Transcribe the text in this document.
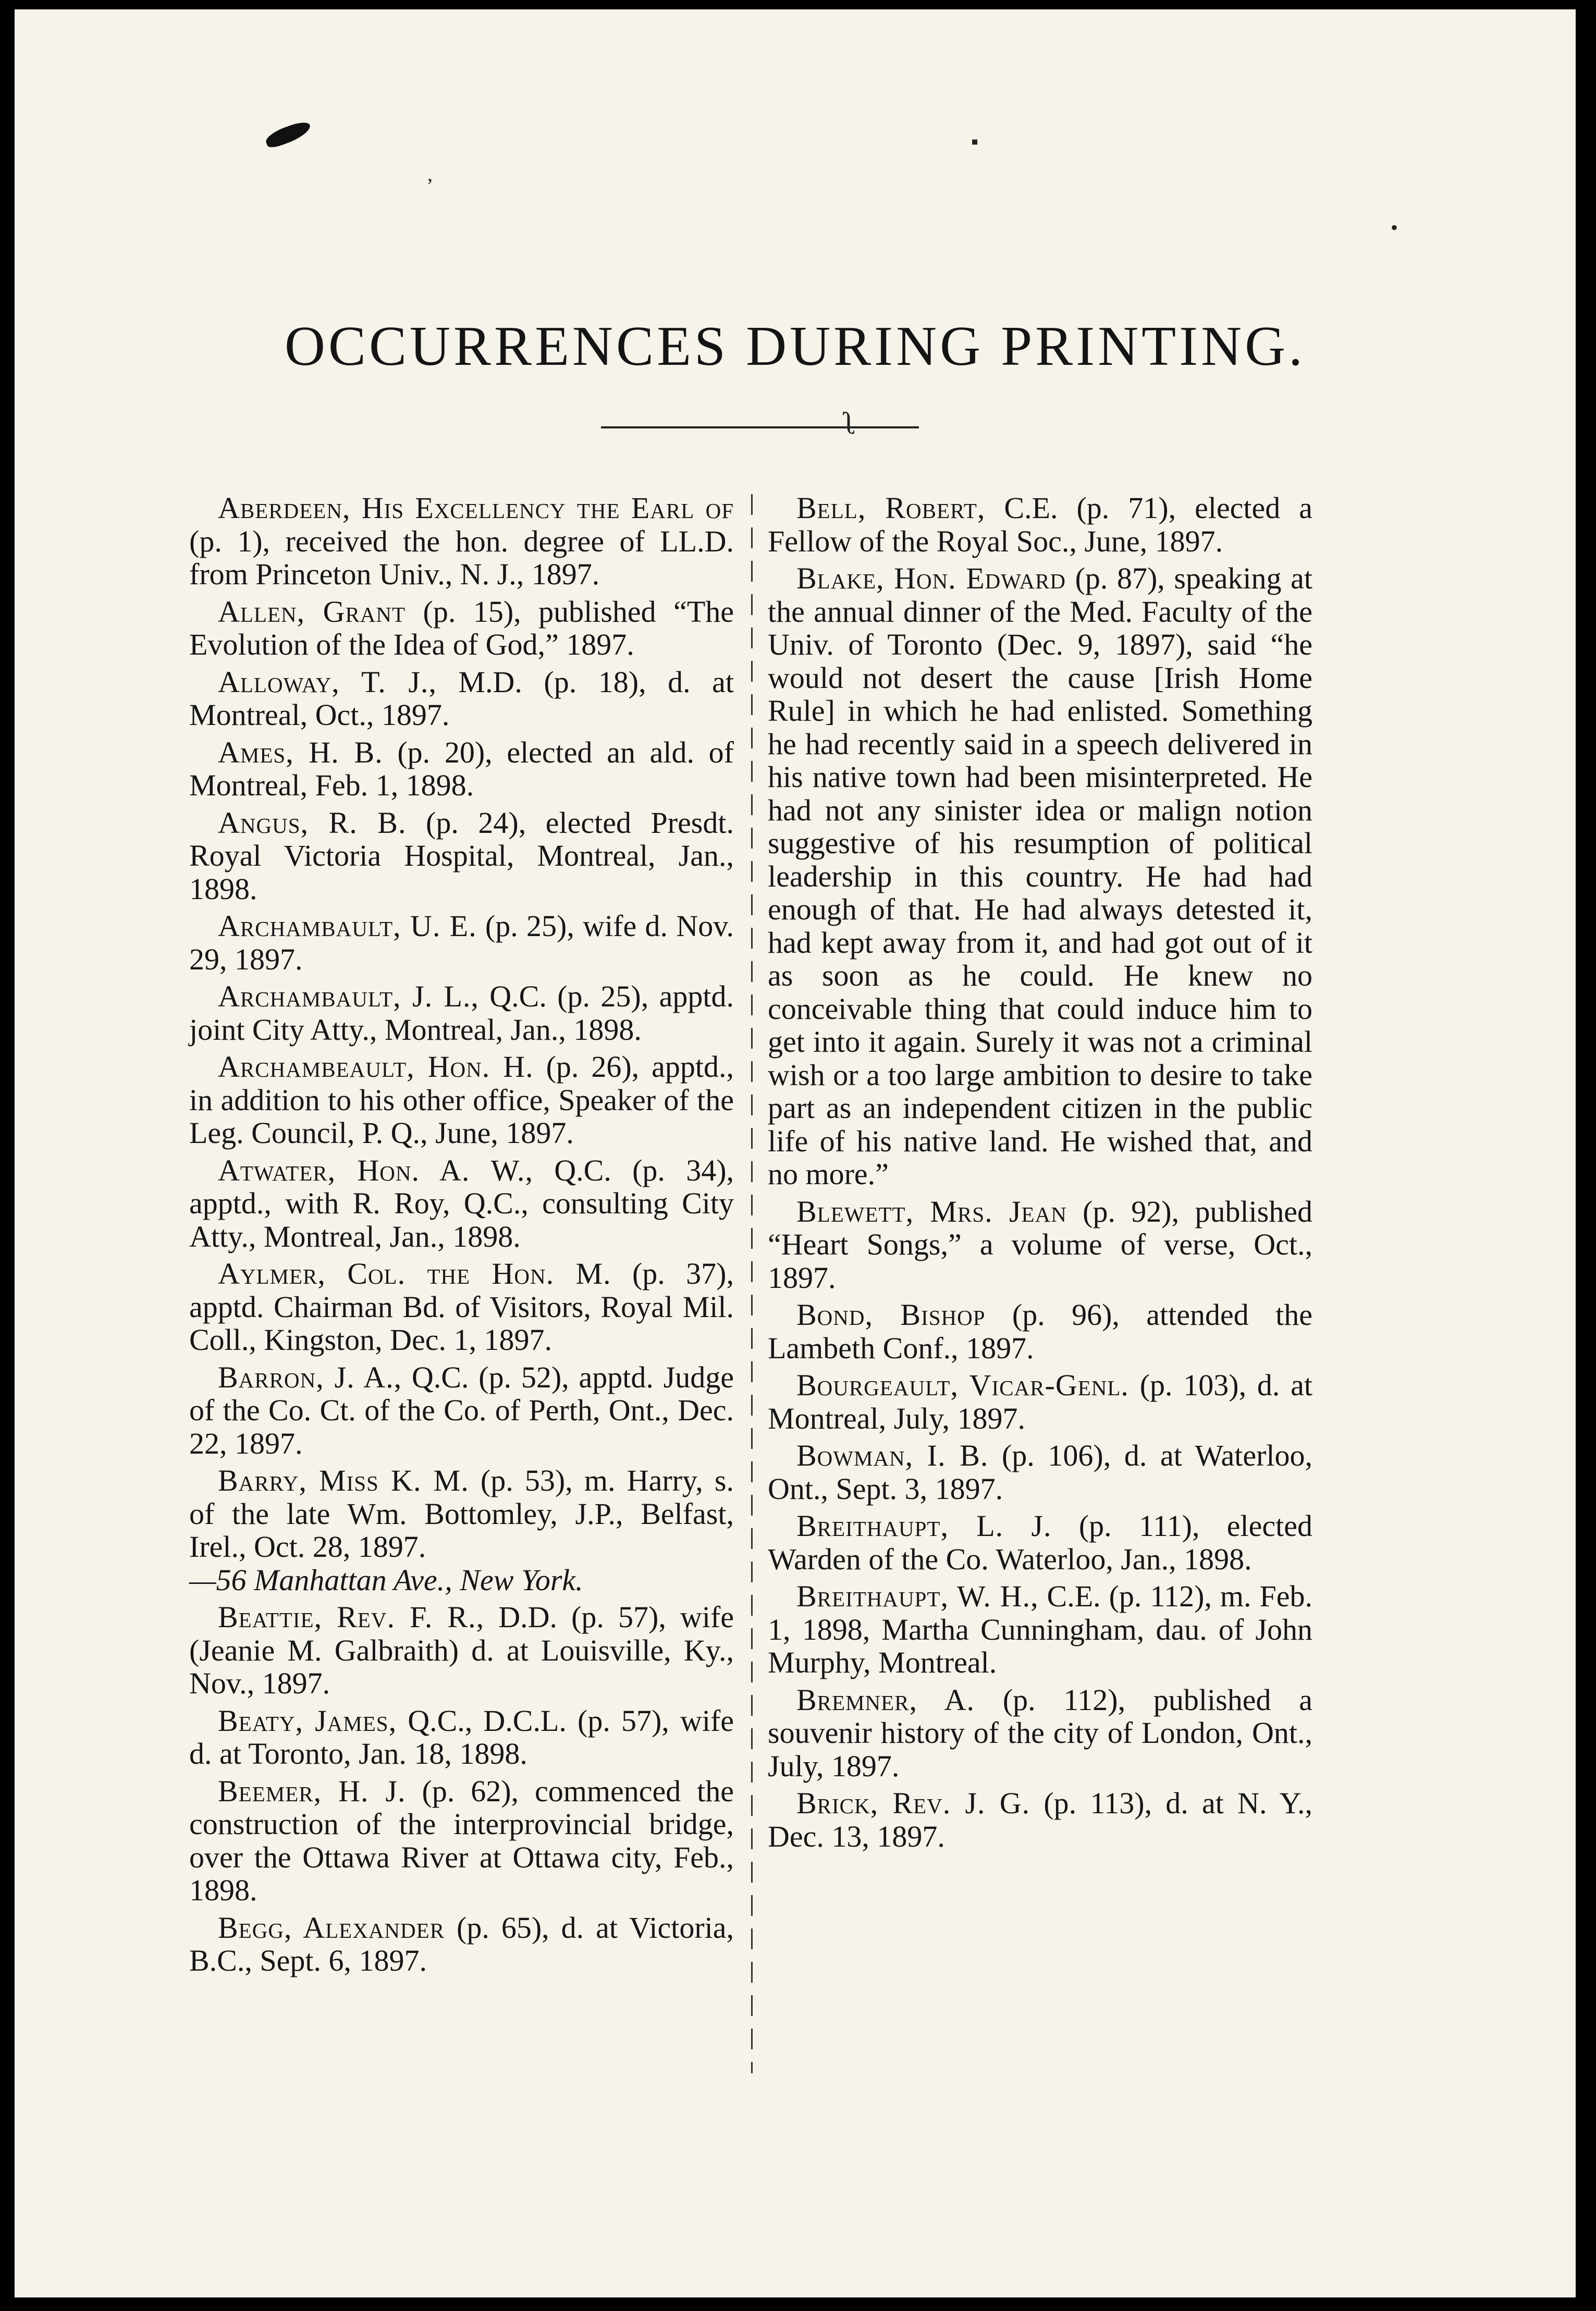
▪
•
ʼ
OCCURRENCES DURING PRINTING.
ʅ

Aberdeen, His Excellency the Earl of (p. 1), received the hon. degree of LL.D. from Princeton Univ., N. J., 1897.

Allen, Grant (p. 15), published “The Evolution of the Idea of God,” 1897.

Alloway, T. J., M.D. (p. 18), d. at Montreal, Oct., 1897.

Ames, H. B. (p. 20), elected an ald. of Montreal, Feb. 1, 1898.

Angus, R. B. (p. 24), elected Presdt. Royal Victoria Hospital, Montreal, Jan., 1898.

Archambault, U. E. (p. 25), wife d. Nov. 29, 1897.

Archambault, J. L., Q.C. (p. 25), apptd. joint City Atty., Montreal, Jan., 1898.

Archambeault, Hon. H. (p. 26), apptd., in addition to his other office, Speaker of the Leg. Council, P. Q., June, 1897.

Atwater, Hon. A. W., Q.C. (p. 34), apptd., with R. Roy, Q.C., consulting City Atty., Montreal, Jan., 1898.

Aylmer, Col. the Hon. M. (p. 37), apptd. Chairman Bd. of Visitors, Royal Mil. Coll., Kingston, Dec. 1, 1897.

Barron, J. A., Q.C. (p. 52), apptd. Judge of the Co. Ct. of the Co. of Perth, Ont., Dec. 22, 1897.

Barry, Miss K. M. (p. 53), m. Harry, s. of the late Wm. Bottomley, J.P., Belfast, Irel., Oct. 28, 1897.
—56 Manhattan Ave., New York.

Beattie, Rev. F. R., D.D. (p. 57), wife (Jeanie M. Galbraith) d. at Louisville, Ky., Nov., 1897.

Beaty, James, Q.C., D.C.L. (p. 57), wife d. at Toronto, Jan. 18, 1898.

Beemer, H. J. (p. 62), commenced the construction of the interprovincial bridge, over the Ottawa River at Ottawa city, Feb., 1898.

Begg, Alexander (p. 65), d. at Victoria, B.C., Sept. 6, 1897.

Bell, Robert, C.E. (p. 71), elected a Fellow of the Royal Soc., June, 1897.

Blake, Hon. Edward (p. 87), speaking at the annual dinner of the Med. Faculty of the Univ. of Toronto (Dec. 9, 1897), said “he would not desert the cause [Irish Home Rule] in which he had enlisted. Something he had recently said in a speech delivered in his native town had been misinterpreted. He had not any sinister idea or malign notion suggestive of his resumption of political leadership in this country. He had had enough of that. He had always detested it, had kept away from it, and had got out of it as soon as he could. He knew no conceivable thing that could induce him to get into it again. Surely it was not a criminal wish or a too large ambition to desire to take part as an independent citizen in the public life of his native land. He wished that, and no more.”

Blewett, Mrs. Jean (p. 92), published “Heart Songs,” a volume of verse, Oct., 1897.

Bond, Bishop (p. 96), attended the Lambeth Conf., 1897.

Bourgeault, Vicar-Genl. (p. 103), d. at Montreal, July, 1897.

Bowman, I. B. (p. 106), d. at Waterloo, Ont., Sept. 3, 1897.

Breithaupt, L. J. (p. 111), elected Warden of the Co. Waterloo, Jan., 1898.

Breithaupt, W. H., C.E. (p. 112), m. Feb. 1, 1898, Martha Cunningham, dau. of John Murphy, Montreal.

Bremner, A. (p. 112), published a souvenir history of the city of London, Ont., July, 1897.

Brick, Rev. J. G. (p. 113), d. at N. Y., Dec. 13, 1897.
